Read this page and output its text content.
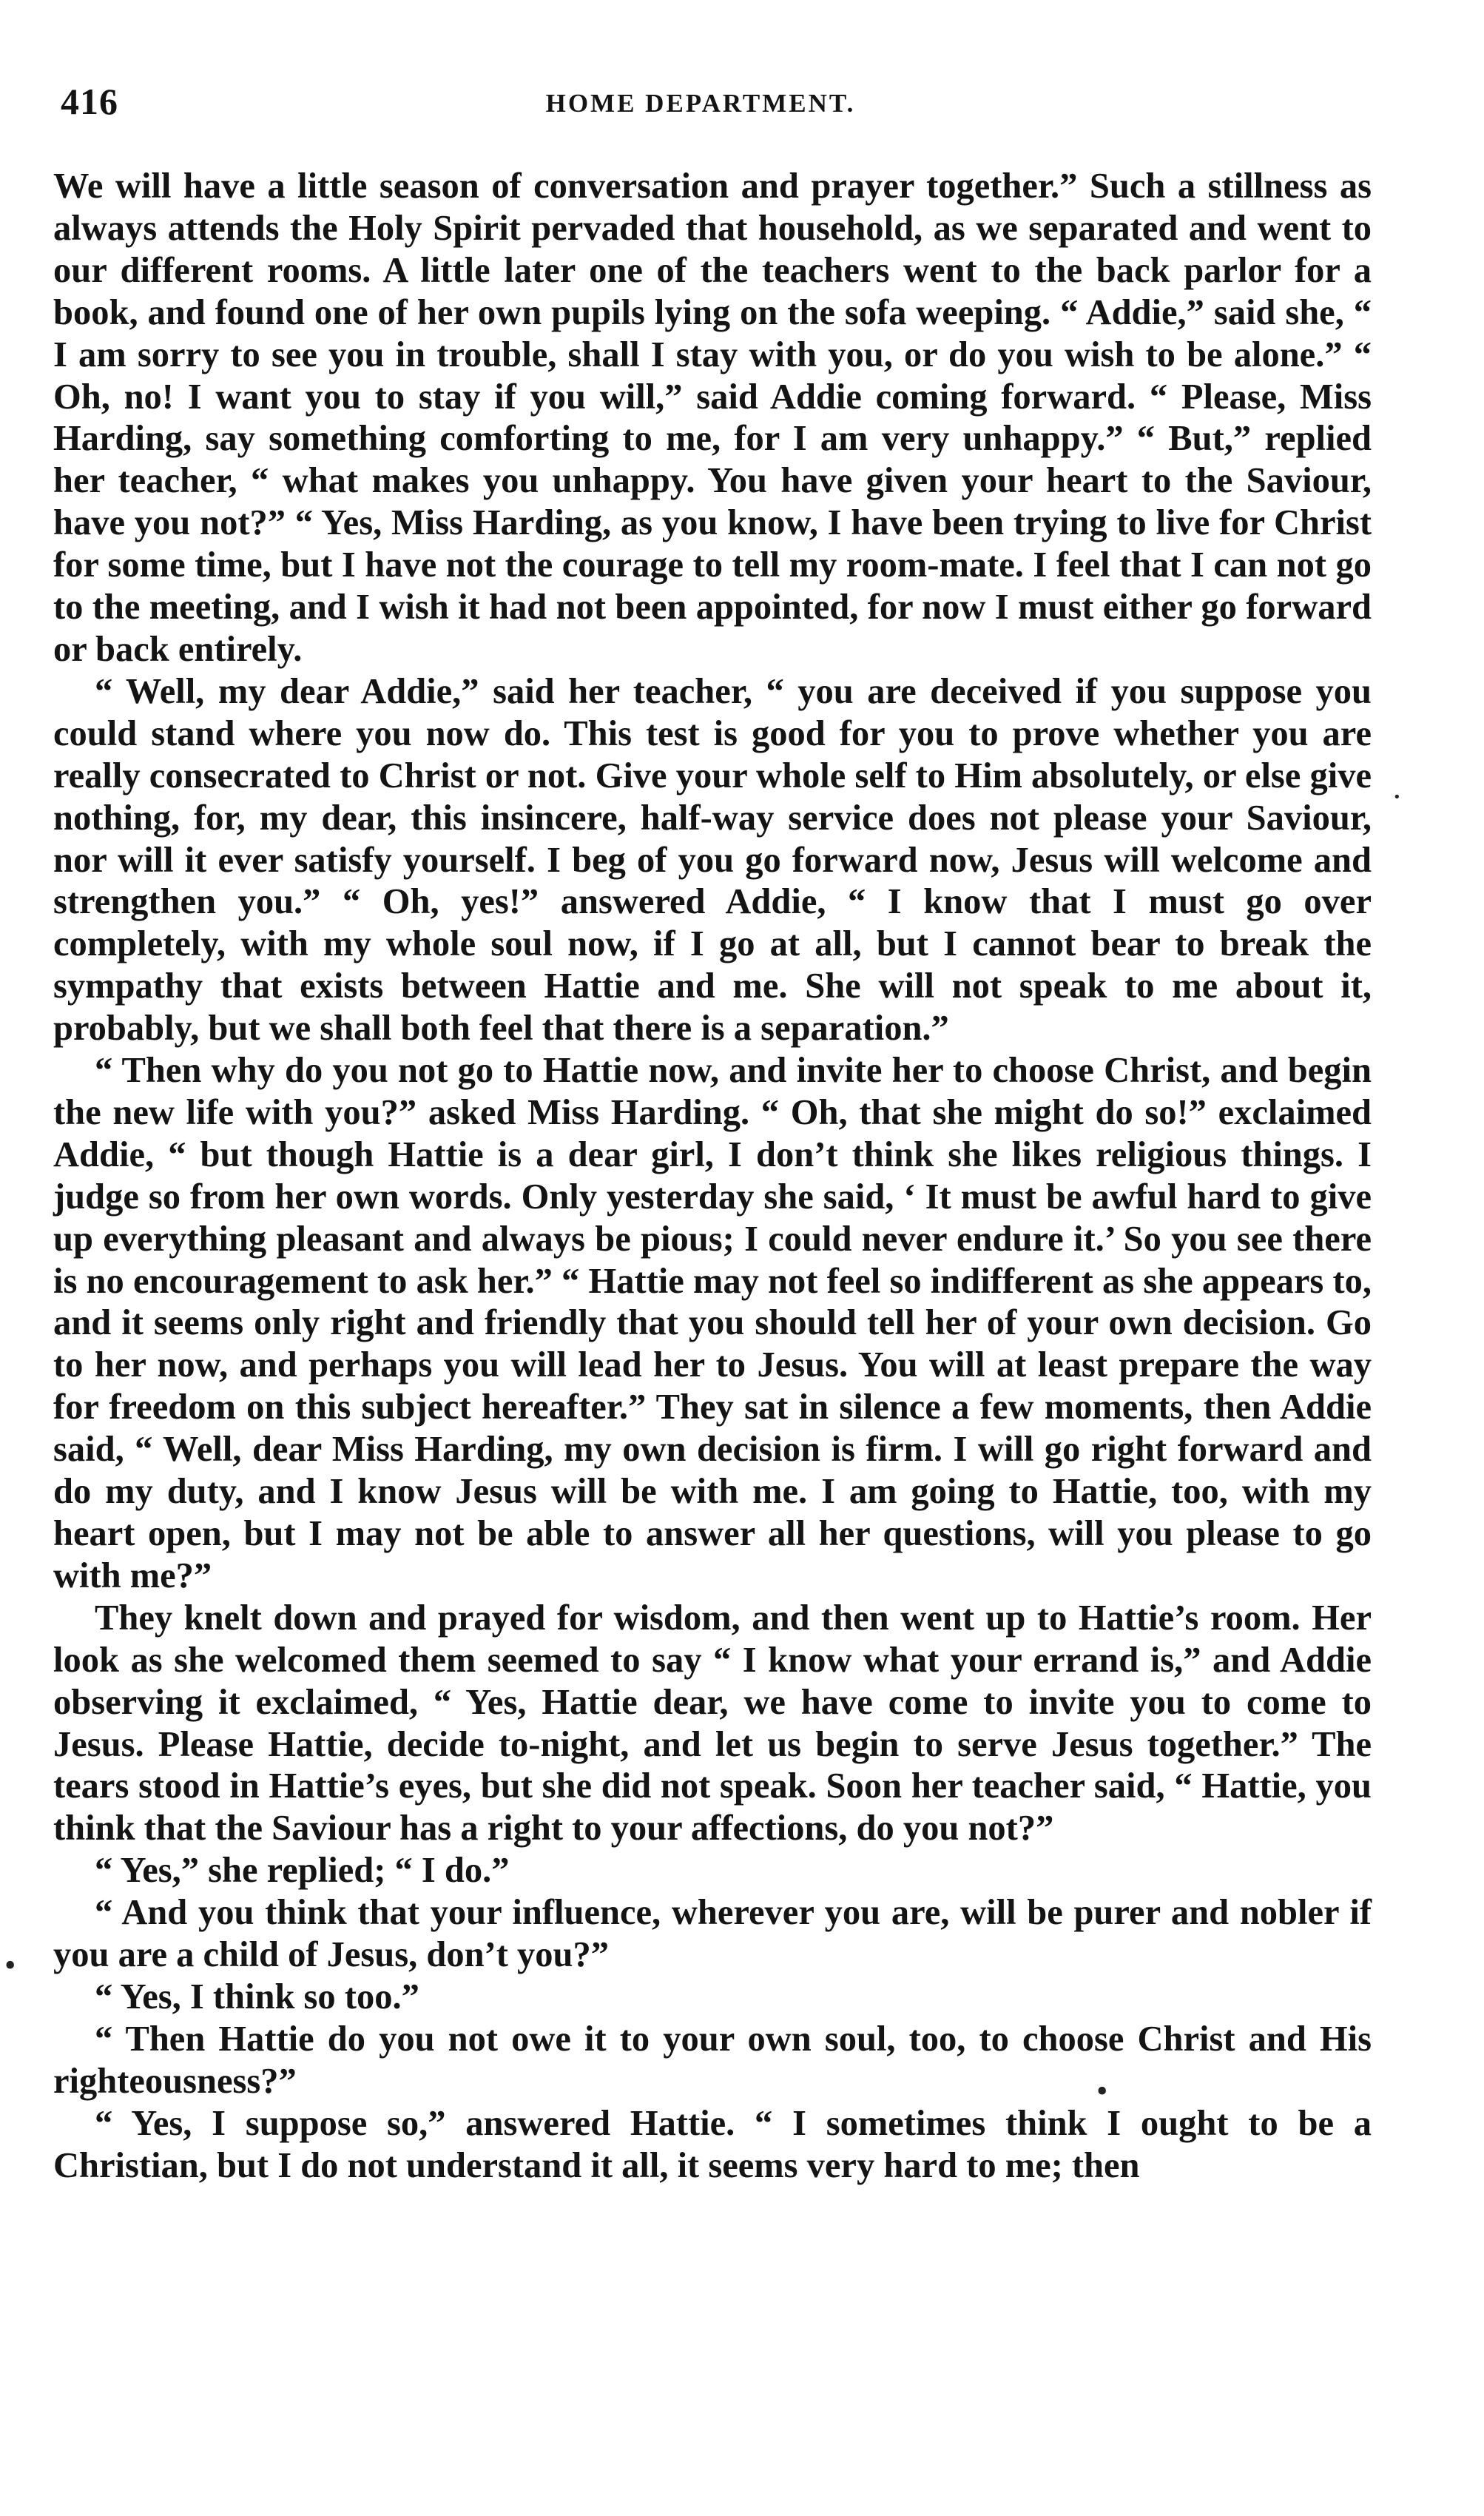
416	HOME DEPARTMENT.

We will have a little season of conversation and prayer together.” Such a stillness as always attends the Holy Spirit pervaded that household, as we separated and went to our different rooms. A little later one of the teachers went to the back parlor for a book, and found one of her own pupils lying on the sofa weeping. “ Addie,” said she, “ I am sorry to see you in trouble, shall I stay with you, or do you wish to be alone.” “ Oh, no! I want you to stay if you will,” said Addie coming forward. “ Please, Miss Harding, say something comforting to me, for I am very unhappy.” “ But,” replied her teacher, “ what makes you unhappy. You have given your heart to the Saviour, have you not?” “ Yes, Miss Harding, as you know, I have been trying to live for Christ for some time, but I have not the courage to tell my room-mate. I feel that I can not go to the meeting, and I wish it had not been appointed, for now I must either go forward or back entirely.

“ Well, my dear Addie,” said her teacher, “ you are deceived if you suppose you could stand where you now do. This test is good for you to prove whether you are really consecrated to Christ or not. Give your whole self to Him absolutely, or else give nothing, for, my dear, this insincere, half-way service does not please your Saviour, nor will it ever satisfy yourself. I beg of you go forward now, Jesus will welcome and strengthen you.” “ Oh, yes!” answered Addie, “ I know that I must go over completely, with my whole soul now, if I go at all, but I cannot bear to break the sympathy that exists between Hattie and me. She will not speak to me about it, probably, but we shall both feel that there is a separation.”

“ Then why do you not go to Hattie now, and invite her to choose Christ, and begin the new life with you?” asked Miss Harding. “ Oh, that she might do so!” exclaimed Addie, “ but though Hattie is a dear girl, I don’t think she likes religious things. I judge so from her own words. Only yesterday she said, ‘ It must be awful hard to give up everything pleasant and always be pious; I could never endure it.’ So you see there is no encouragement to ask her.” “ Hattie may not feel so indifferent as she appears to, and it seems only right and friendly that you should tell her of your own decision. Go to her now, and perhaps you will lead her to Jesus. You will at least prepare the way for freedom on this subject hereafter.” They sat in silence a few moments, then Addie said, “ Well, dear Miss Harding, my own decision is firm. I will go right forward and do my duty, and I know Jesus will be with me. I am going to Hattie, too, with my heart open, but I may not be able to answer all her questions, will you please to go with me?”

They knelt down and prayed for wisdom, and then went up to Hattie’s room. Her look as she welcomed them seemed to say “ I know what your errand is,” and Addie observing it exclaimed, “ Yes, Hattie dear, we have come to invite you to come to Jesus. Please Hattie, decide to-night, and let us begin to serve Jesus together.” The tears stood in Hattie’s eyes, but she did not speak. Soon her teacher said, “ Hattie, you think that the Saviour has a right to your affections, do you not?”

“ Yes,” she replied; “ I do.”

“ And you think that your influence, wherever you are, will be purer and nobler if you are a child of Jesus, don’t you?”

“ Yes, I think so too.”

“ Then Hattie do you not owe it to your own soul, too, to choose Christ and His righteousness?”

“ Yes, I suppose so,” answered Hattie. “ I sometimes think I ought to be a Christian, but I do not understand it all, it seems very hard to me; then

·
•
•
